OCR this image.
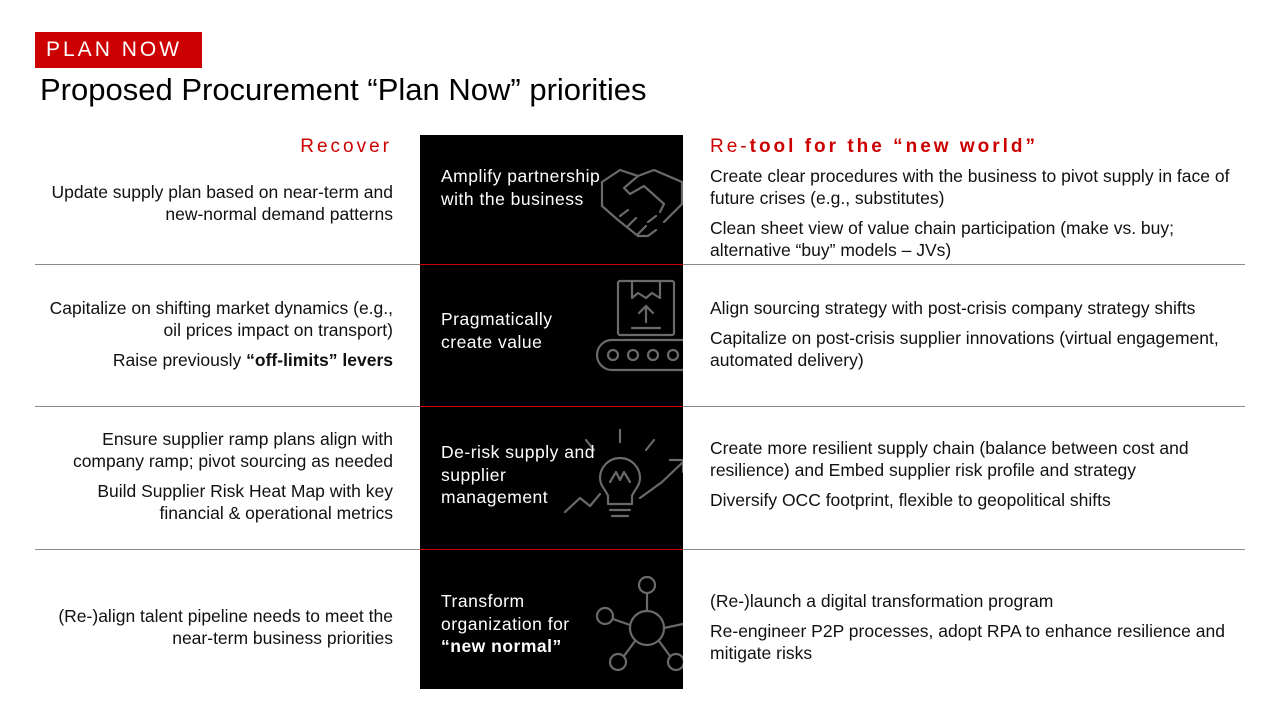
PLAN NOW
Proposed Procurement “Plan Now” priorities
Recover	Re-tool for the “new world”
Update supply plan based on near-term and new-normal demand patterns
Amplify partnership with the business
Create clear procedures with the business to pivot supply in face of future crises (e.g., substitutes)
Clean sheet view of value chain participation (make vs. buy; alternative “buy” models – JVs)
Capitalize on shifting market dynamics (e.g., oil prices impact on transport)
Raise previously “off-limits” levers
Pragmatically create value
Align sourcing strategy with post-crisis company strategy shifts
Capitalize on post-crisis supplier innovations (virtual engagement, automated delivery)
Ensure supplier ramp plans align with company ramp; pivot sourcing as needed
Build Supplier Risk Heat Map with key financial & operational metrics
De-risk supply and supplier management
Create more resilient supply chain (balance between cost and resilience) and Embed supplier risk profile and strategy
Diversify OCC footprint, flexible to geopolitical shifts
(Re-)align talent pipeline needs to meet the near-term business priorities
Transform organization for
“new normal”
(Re-)launch a digital transformation program
Re-engineer P2P processes, adopt RPA to enhance resilience and mitigate risks
